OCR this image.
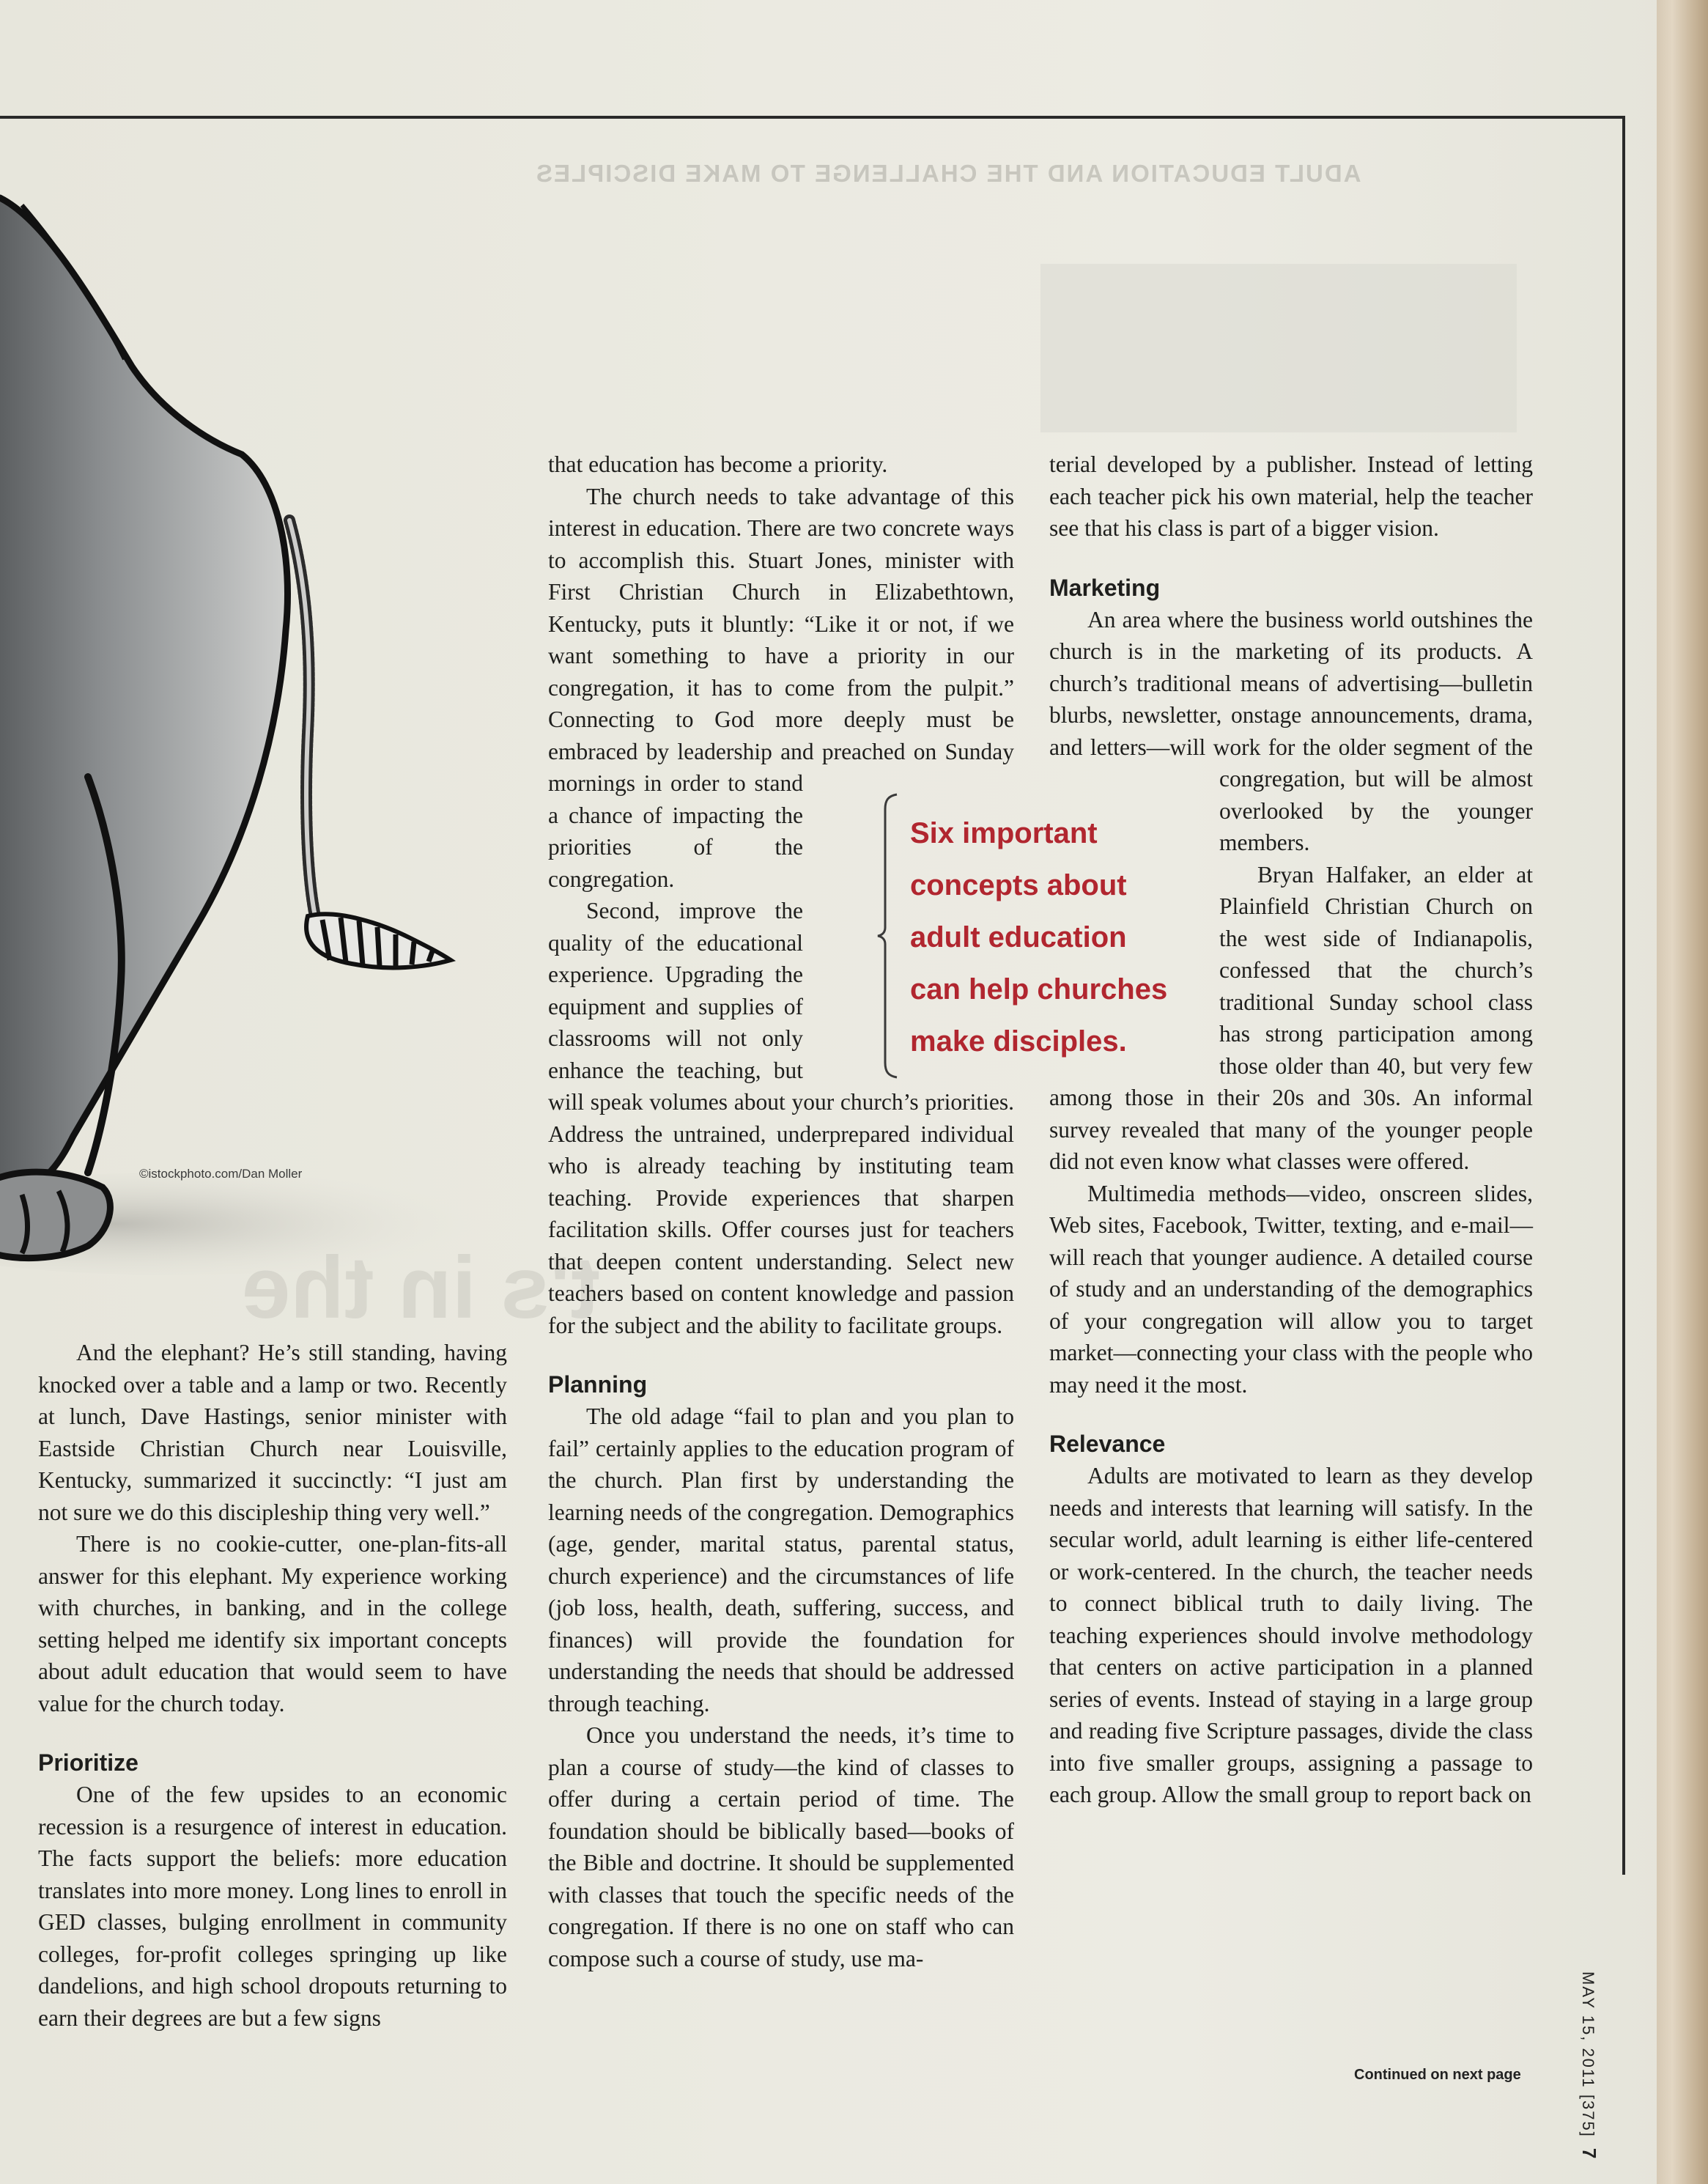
ADULT EDUCATION AND THE CHALLENGE TO MAKE DISCIPLES
©istockphoto.com/Dan Moller
t's in the

And the elephant? He’s still standing, having knocked over a table and a lamp or two. Recently at lunch, Dave Hastings, senior minister with Eastside Christian Church near Louisville, Kentucky, summarized it succinctly: “I just am not sure we do this discipleship thing very well.”

There is no cookie-cutter, one-plan-fits-all answer for this elephant. My experience working with churches, in banking, and in the college setting helped me identify six important concepts about adult education that would seem to have value for the church today.

Prioritize

One of the few upsides to an economic recession is a resurgence of interest in education. The facts support the beliefs: more education translates into more money. Long lines to enroll in GED classes, bulging enrollment in community colleges, for-profit colleges springing up like dandelions, and high school dropouts returning to earn their degrees are but a few signs

that education has become a priority.

The church needs to take advantage of this interest in education. There are two concrete ways to accomplish this. Stuart Jones, minister with First Christian Church in Elizabethtown, Kentucky, puts it bluntly: “Like it or not, if we want something to have a priority in our congregation, it has to come from the pulpit.” Connecting to God more deeply must be embraced by leadership and preached on Sunday mornings in order to stand a chance of impacting the priorities of the congregation.

Second, improve the quality of the educational experience. Upgrading the equipment and supplies of classrooms will not only enhance the teaching, but will speak volumes about your church’s priorities. Address the untrained, underprepared individual who is already teaching by instituting team teaching. Provide experiences that sharpen facilitation skills. Offer courses just for teachers that deepen content understanding. Select new teachers based on content knowledge and passion for the subject and the ability to facilitate groups.

Planning

The old adage “fail to plan and you plan to fail” certainly applies to the education program of the church. Plan first by understanding the learning needs of the congregation. Demographics (age, gender, marital status, parental status, church experience) and the circumstances of life (job loss, health, death, suffering, success, and finances) will provide the foundation for understanding the needs that should be addressed through teaching.

Once you understand the needs, it’s time to plan a course of study—the kind of classes to offer during a certain period of time. The foundation should be biblically based—books of the Bible and doctrine. It should be supplemented with classes that touch the specific needs of the congregation. If there is no one on staff who can compose such a course of study, use ma-

terial developed by a publisher. Instead of letting each teacher pick his own material, help the teacher see that his class is part of a bigger vision.

Marketing

An area where the business world outshines the church is in the marketing of its products. A church’s traditional means of advertising—bulletin blurbs, newsletter, onstage announcements, drama, and letters—will work for the older segment of the congregation, but will be almost overlooked by the younger members.

Bryan Halfaker, an elder at Plainfield Christian Church on the west side of Indianapolis, confessed that the church’s traditional Sunday school class has strong participation among those older than 40, but very few among those in their 20s and 30s. An informal survey revealed that many of the younger people did not even know what classes were offered.

Multimedia methods—video, onscreen slides, Web sites, Facebook, Twitter, texting, and e-mail—will reach that younger audience. A detailed course of study and an understanding of the demographics of your congregation will allow you to target market—connecting your class with the people who may need it the most.

Relevance

Adults are motivated to learn as they develop needs and interests that learning will satisfy. In the secular world, adult learning is either life-centered or work-centered. In the church, the teacher needs to connect biblical truth to daily living. The teaching experiences should involve methodology that centers on active participation in a planned series of events. Instead of staying in a large group and reading five Scripture passages, divide the class into five smaller groups, assigning a passage to each group. Allow the small group to report back on

Six important
concepts about
adult education
can help churches
make disciples.
Continued on next page	MAY 15, 2011 [375]7
